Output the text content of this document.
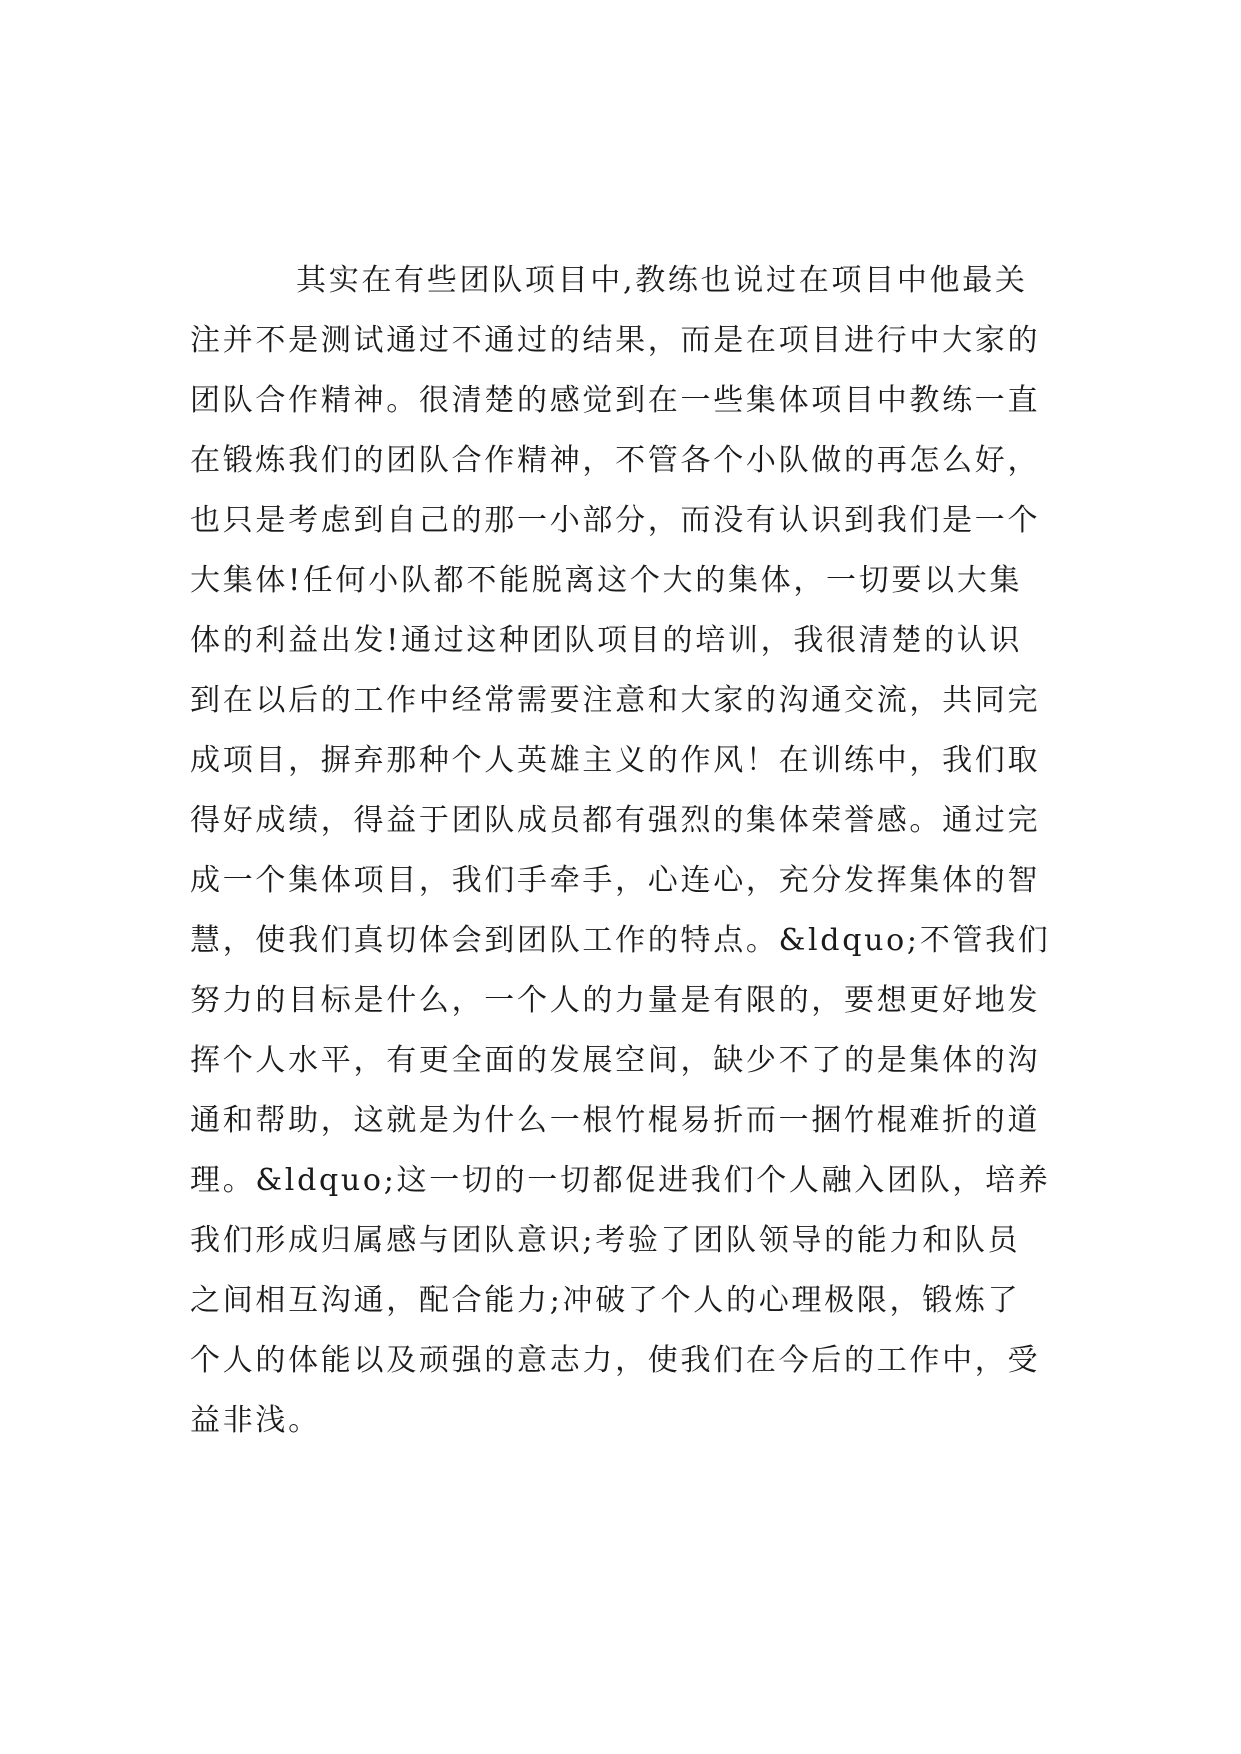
其实在有些团队项目中,教练也说过在项目中他最关
注并不是测试通过不通过的结果，而是在项目进行中大家的
团队合作精神。很清楚的感觉到在一些集体项目中教练一直
在锻炼我们的团队合作精神，不管各个小队做的再怎么好，
也只是考虑到自己的那一小部分，而没有认识到我们是一个
大集体!任何小队都不能脱离这个大的集体，一切要以大集
体的利益出发!通过这种团队项目的培训，我很清楚的认识
到在以后的工作中经常需要注意和大家的沟通交流，共同完
成项目，摒弃那种个人英雄主义的作风！在训练中，我们取
得好成绩，得益于团队成员都有强烈的集体荣誉感。通过完
成一个集体项目，我们手牵手，心连心，充分发挥集体的智
慧，使我们真切体会到团队工作的特点。&ldquo;不管我们
努力的目标是什么，一个人的力量是有限的，要想更好地发
挥个人水平，有更全面的发展空间，缺少不了的是集体的沟
通和帮助，这就是为什么一根竹棍易折而一捆竹棍难折的道
理。&ldquo;这一切的一切都促进我们个人融入团队，培养
我们形成归属感与团队意识;考验了团队领导的能力和队员
之间相互沟通，配合能力;冲破了个人的心理极限，锻炼了
个人的体能以及顽强的意志力，使我们在今后的工作中，受
益非浅。
